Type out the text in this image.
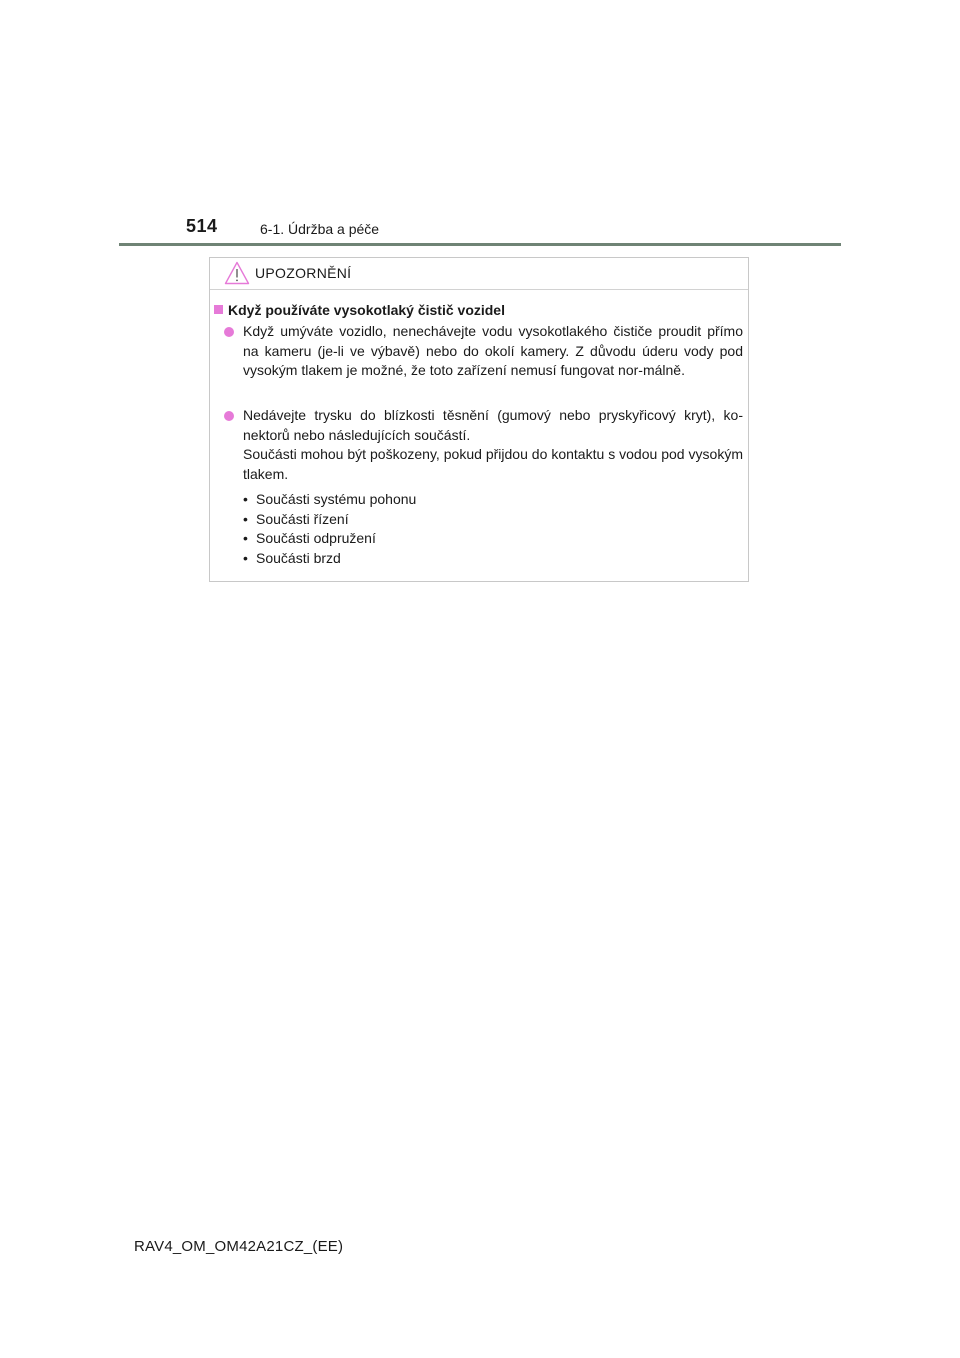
514	6-1. Údržba a péče
UPOZORNĚNÍ
Když používáte vysokotlaký čistič vozidel
Když umýváte vozidlo, nenechávejte vodu vysokotlakého čističe proudit přímo na kameru (je-li ve výbavě) nebo do okolí kamery. Z důvodu úderu vody pod vysokým tlakem je možné, že toto zařízení nemusí fungovat nor-málně.
Nedávejte trysku do blízkosti těsnění (gumový nebo pryskyřicový kryt), ko-nektorů nebo následujících součástí.
Součásti mohou být poškozeny, pokud přijdou do kontaktu s vodou pod vysokým tlakem.
• Součásti systému pohonu
• Součásti řízení
• Součásti odpružení
• Součásti brzd
RAV4_OM_OM42A21CZ_(EE)
